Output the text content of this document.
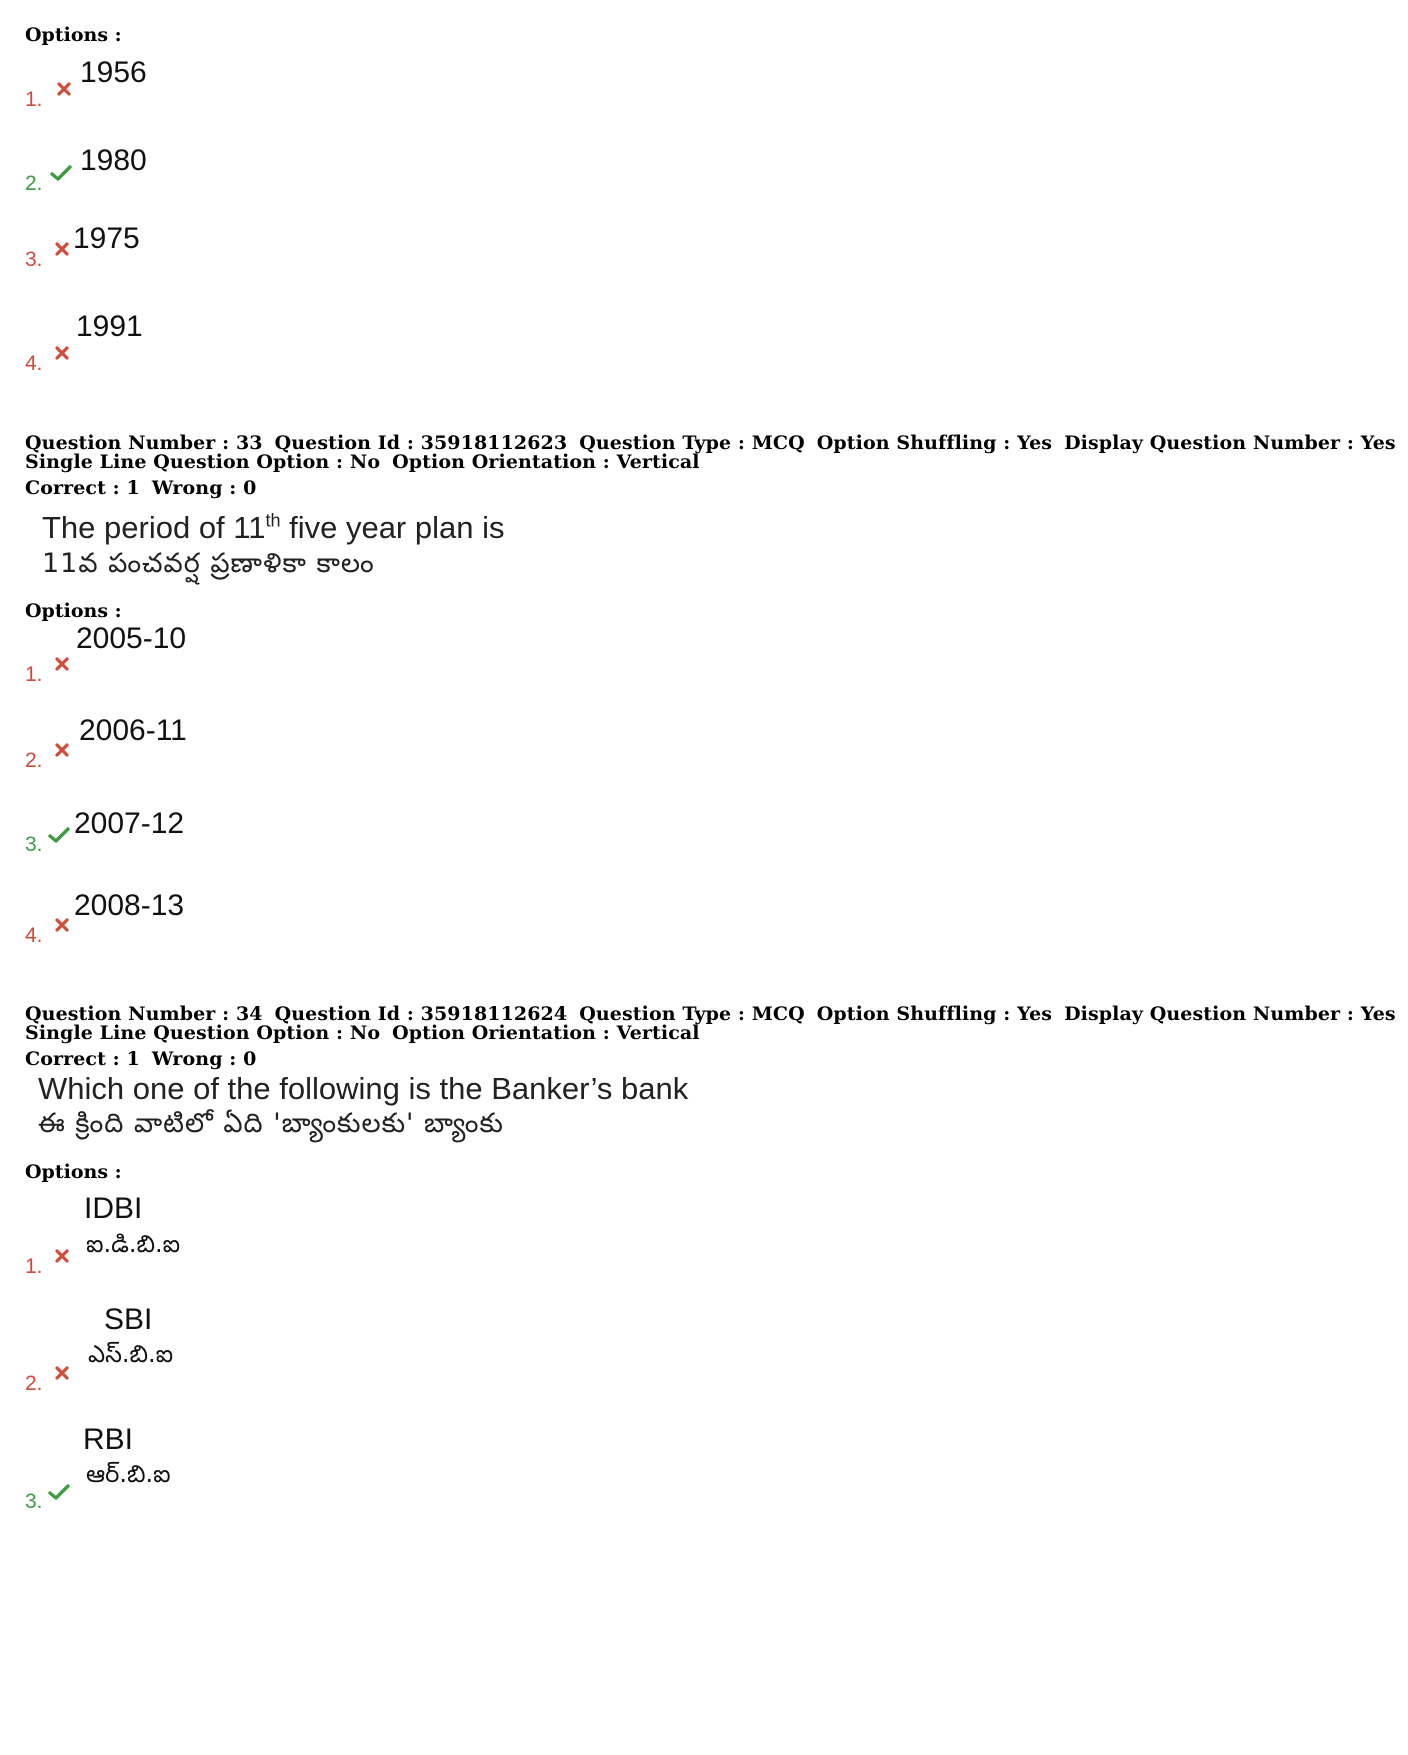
Options :
1.
1956
2.
1980
3.
1975
4.
1991
Question Number : 33 Question Id : 35918112623 Question Type : MCQ Option Shuffling : Yes Display Question Number : Yes
Single Line Question Option : No Option Orientation : Vertical
Correct : 1 Wrong : 0
The period of 11th five year plan is
11వ పంచవర్ష ప్రణాళికా కాలం
Options :
1.
2005-10
2.
2006-11
3.
2007-12
4.
2008-13
Question Number : 34 Question Id : 35918112624 Question Type : MCQ Option Shuffling : Yes Display Question Number : Yes
Single Line Question Option : No Option Orientation : Vertical
Correct : 1 Wrong : 0
Which one of the following is the Banker’s bank
ఈ క్రింది వాటిలో ఏది 'బ్యాంకులకు' బ్యాంకు
Options :
1.
IDBI
ఐ.డి.బి.ఐ
2.
SBI
ఎస్.బి.ఐ
3.
RBI
ఆర్.బి.ఐ
